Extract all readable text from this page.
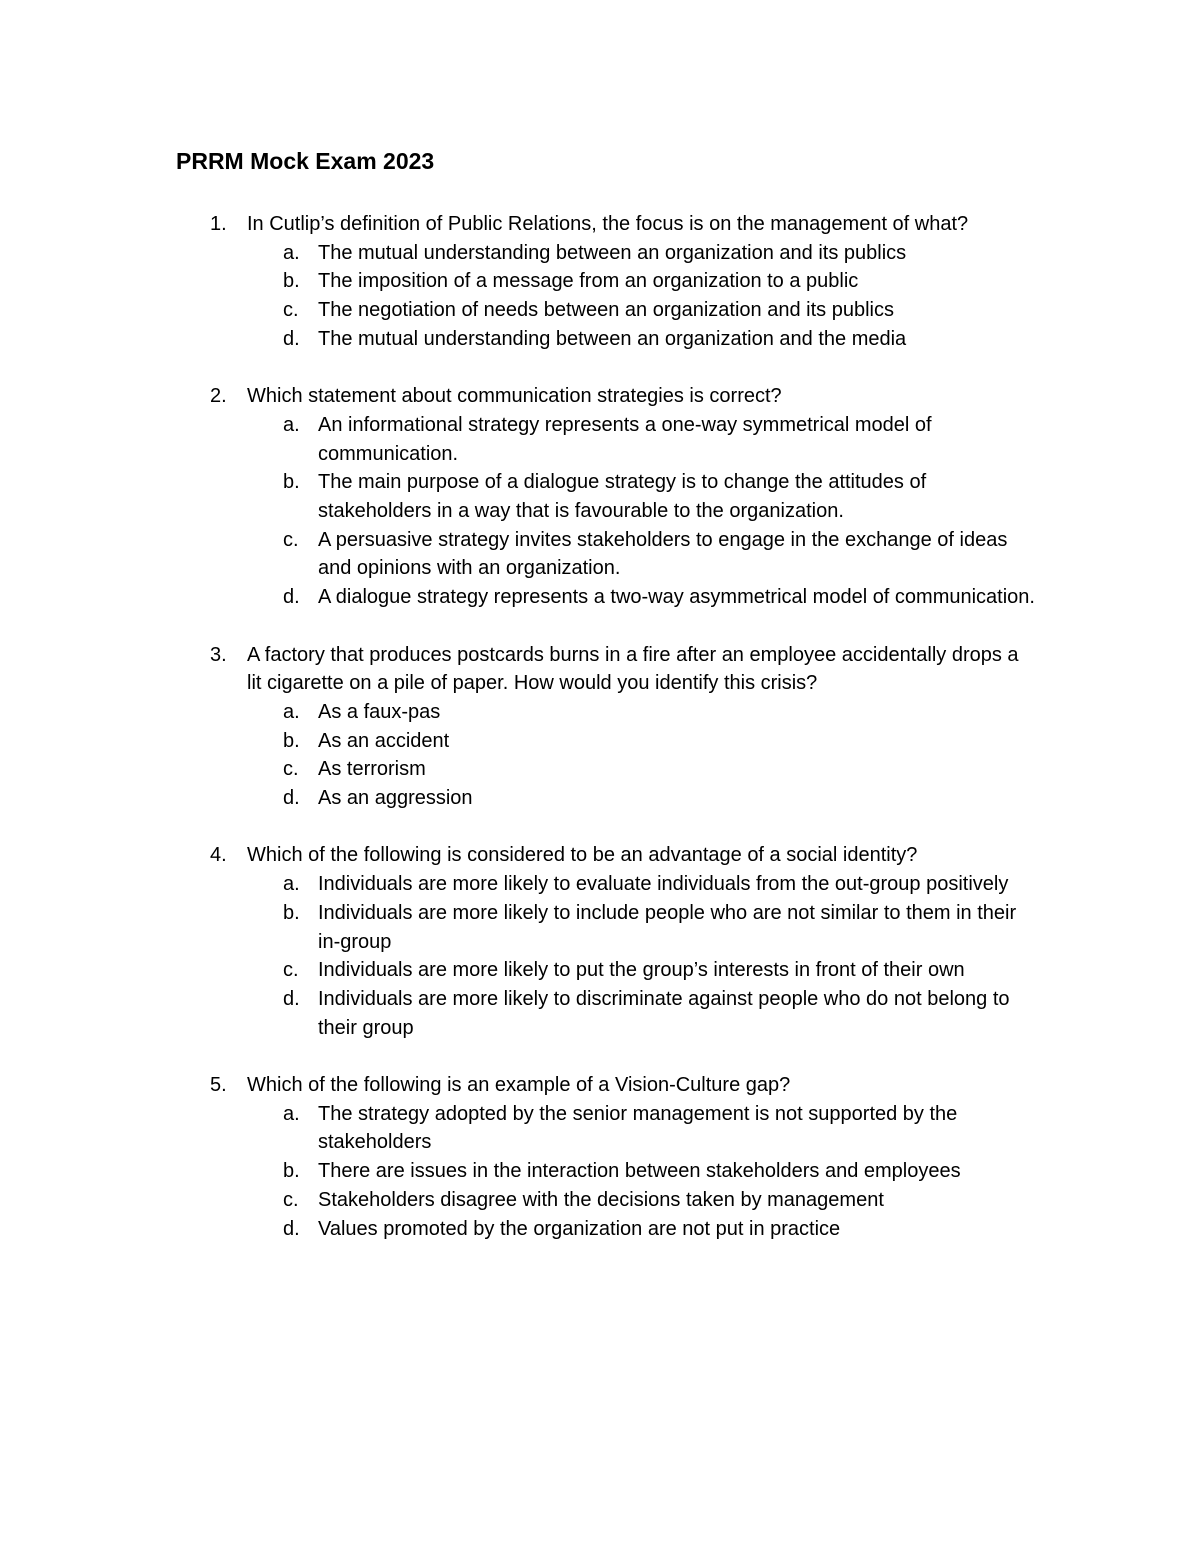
PRRM Mock Exam 2023
1. In Cutlip’s definition of Public Relations, the focus is on the management of what?
a. The mutual understanding between an organization and its publics
b. The imposition of a message from an organization to a public
c. The negotiation of needs between an organization and its publics
d. The mutual understanding between an organization and the media
2. Which statement about communication strategies is correct?
a. An informational strategy represents a one-way symmetrical model of communication.
b. The main purpose of a dialogue strategy is to change the attitudes of stakeholders in a way that is favourable to the organization.
c. A persuasive strategy invites stakeholders to engage in the exchange of ideas and opinions with an organization.
d. A dialogue strategy represents a two-way asymmetrical model of communication.
3. A factory that produces postcards burns in a fire after an employee accidentally drops a lit cigarette on a pile of paper. How would you identify this crisis?
a. As a faux-pas
b. As an accident
c. As terrorism
d. As an aggression
4. Which of the following is considered to be an advantage of a social identity?
a. Individuals are more likely to evaluate individuals from the out-group positively
b. Individuals are more likely to include people who are not similar to them in their in-group
c. Individuals are more likely to put the group’s interests in front of their own
d. Individuals are more likely to discriminate against people who do not belong to their group
5. Which of the following is an example of a Vision-Culture gap?
a. The strategy adopted by the senior management is not supported by the stakeholders
b. There are issues in the interaction between stakeholders and employees
c. Stakeholders disagree with the decisions taken by management
d. Values promoted by the organization are not put in practice
